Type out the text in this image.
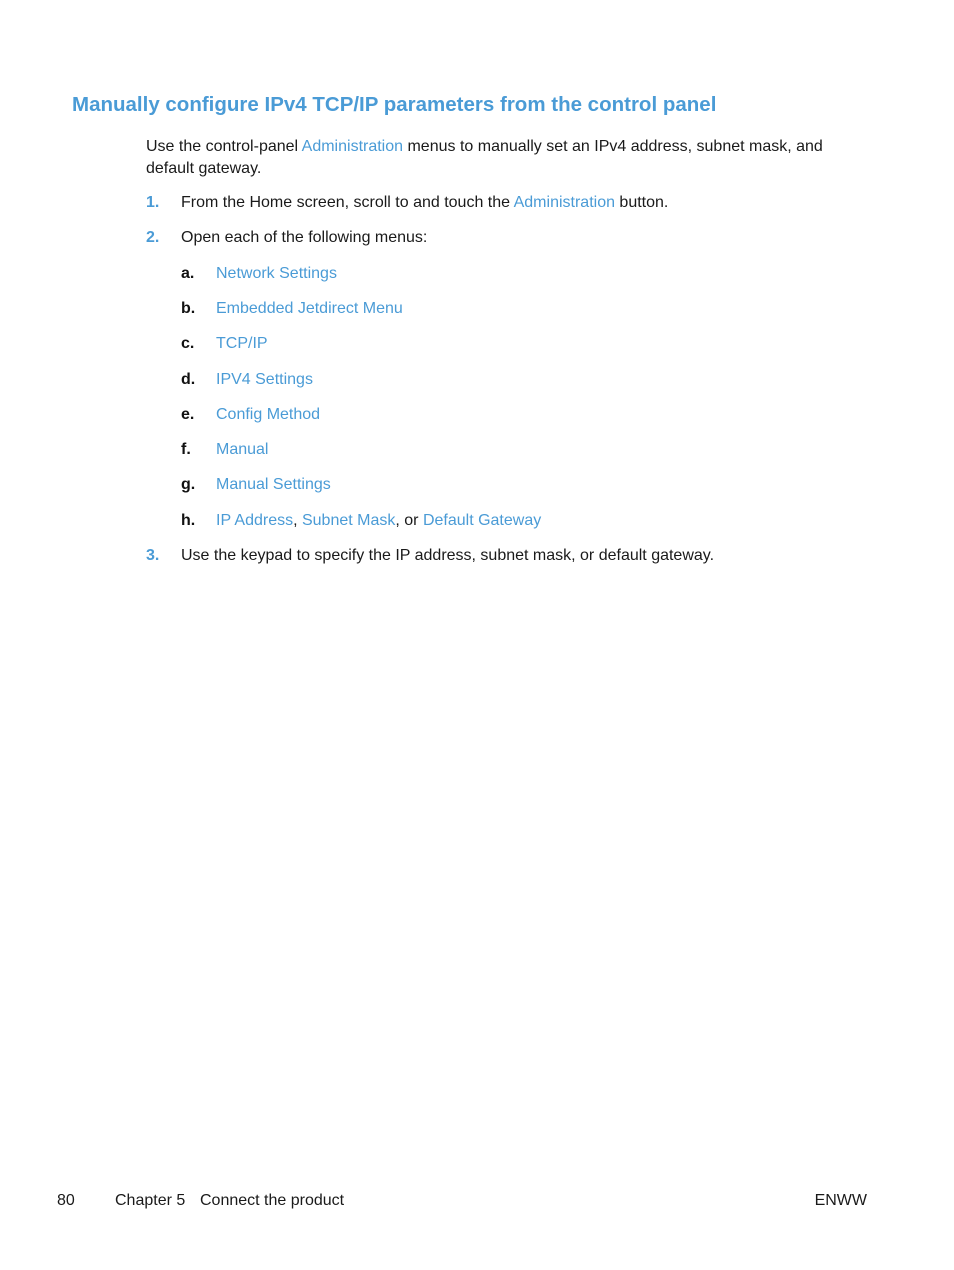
Manually configure IPv4 TCP/IP parameters from the control panel

Use the control-panel Administration menus to manually set an IPv4 address, subnet mask, and default gateway.

1. From the Home screen, scroll to and touch the Administration button.

2. Open each of the following menus:

a. Network Settings

b. Embedded Jetdirect Menu

c. TCP/IP

d. IPV4 Settings

e. Config Method

f. Manual

g. Manual Settings

h. IP Address, Subnet Mask, or Default Gateway

3. Use the keypad to specify the IP address, subnet mask, or default gateway.

80	Chapter 5 Connect the product	ENWW
